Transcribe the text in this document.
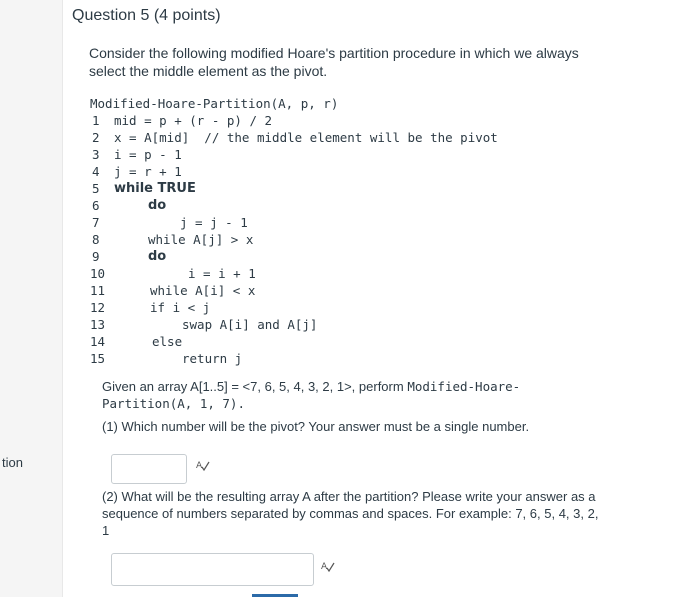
tion
Question 5 (4 points)
Consider the following modified Hoare's partition procedure in which we always select the middle element as the pivot.
Modified-Hoare-Partition(A, p, r)
1 mid = p + (r - p) / 2
2 x = A[mid]  // the middle element will be the pivot
3 i = p - 1
4 j = r + 1
5 while TRUE
6	do
7	j = j - 1
8	while A[j] > x
9	do
10	i = i + 1
11	while A[i] < x
12	if i < j
13	swap A[i] and A[j]
14	else
15	return j
Given an array A[1..5] = <7, 6, 5, 4, 3, 2, 1>, perform Modified-Hoare-
Partition(A, 1, 7).
(1) Which number will be the pivot? Your answer must be a single number.
A
(2) What will be the resulting array A after the partition? Please write your answer as a sequence of numbers separated by commas and spaces. For example: 7, 6, 5, 4, 3, 2, 1
A
